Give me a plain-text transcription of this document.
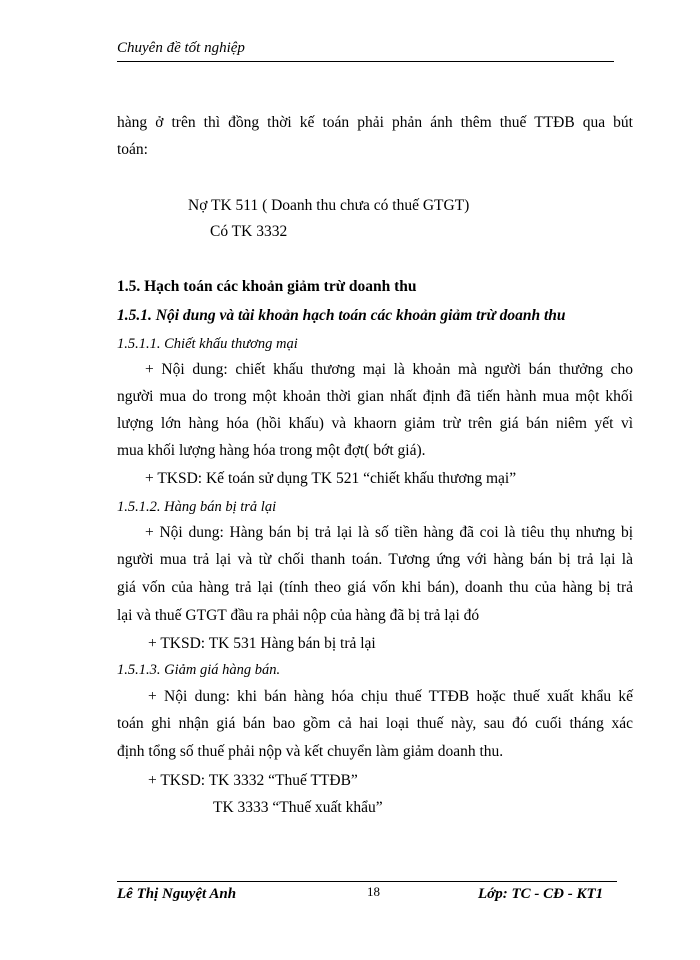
Chuyên đề tốt nghiệp
hàng ở trên thì đồng thời kế toán phải phản ánh thêm thuế TTĐB qua bút
toán:
Nợ TK 511 ( Doanh thu chưa có thuế GTGT)
Có TK 3332
1.5. Hạch toán các khoản giảm trừ doanh thu
1.5.1. Nội dung và tài khoản hạch toán các khoản giảm trừ doanh thu
1.5.1.1. Chiết khấu thương mại
+ Nội dung: chiết khấu thương mại là khoản mà người bán thưởng cho
người mua do trong một khoản thời gian nhất định đã tiến hành mua một khối
lượng lớn hàng hóa (hồi khấu) và khaorn giảm trừ trên giá bán niêm yết vì
mua khối lượng hàng hóa trong một đợt( bớt giá).
+ TKSD: Kế toán sử dụng TK 521 “chiết khấu thương mại”
1.5.1.2. Hàng bán bị trả lại
+ Nội dung: Hàng bán bị trả lại là số tiền hàng đã coi là tiêu thụ nhưng bị
người mua trả lại và từ chối thanh toán. Tương ứng với hàng bán bị trả lại là
giá vốn của hàng trả lại (tính theo giá vốn khi bán), doanh thu của hàng bị trả
lại và thuế GTGT đầu ra phải nộp của hàng đã bị trả lại đó
+ TKSD: TK 531 Hàng bán bị trả lại
1.5.1.3. Giảm giá hàng bán.
+ Nội dung: khi bán hàng hóa chịu thuế TTĐB hoặc thuế xuất khẩu kế
toán ghi nhận giá bán bao gồm cả hai loại thuế này, sau đó cuối tháng xác
định tổng số thuế phải nộp và kết chuyển làm giảm doanh thu.
+ TKSD: TK 3332 “Thuế TTĐB”
TK 3333 “Thuế xuất khẩu”
Lê Thị Nguyệt Anh	18	Lớp: TC - CĐ - KT1
